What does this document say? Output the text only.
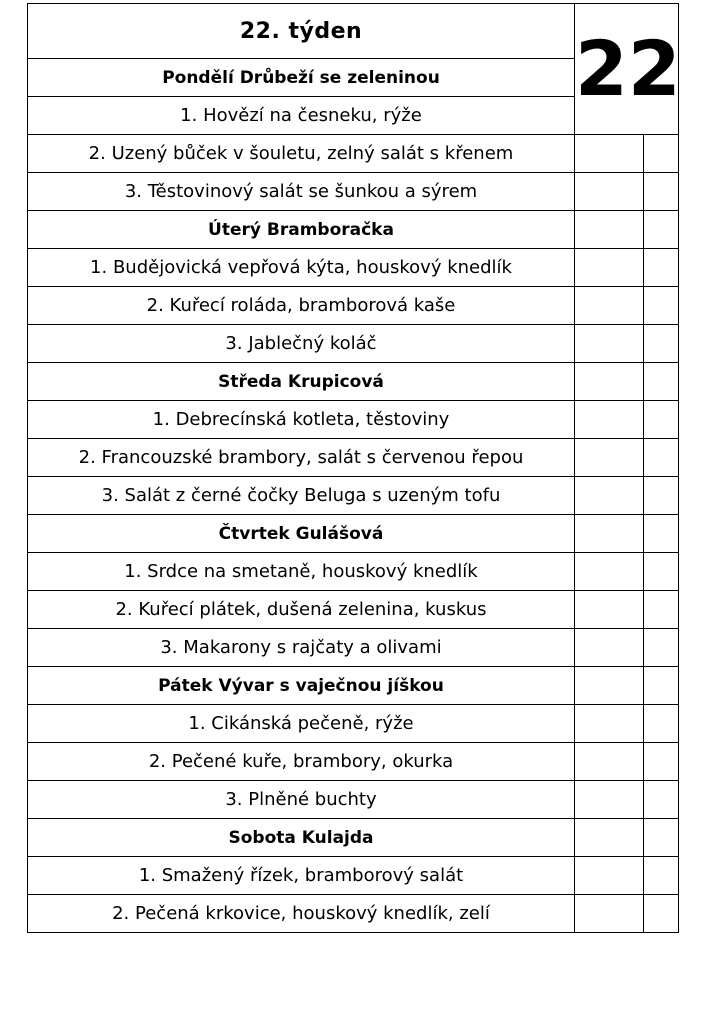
22. týden	22	
Pondělí Drůbeží se zeleninou		
1. Hovězí na česneku, rýže		
2. Uzený bůček v šouletu, zelný salát s křenem		
3. Těstovinový salát se šunkou a sýrem		
Úterý Bramboračka		
1. Budějovická vepřová kýta, houskový knedlík		
2. Kuřecí roláda, bramborová kaše		
3. Jablečný koláč		
Středa Krupicová		
1. Debrecínská kotleta, těstoviny		
2. Francouzské brambory, salát s červenou řepou		
3. Salát z černé čočky Beluga s uzeným tofu		
Čtvrtek Gulášová		
1. Srdce na smetaně, houskový knedlík		
2. Kuřecí plátek, dušená zelenina, kuskus		
3. Makarony s rajčaty a olivami		
Pátek Vývar s vaječnou jíškou		
1. Cikánská pečeně, rýže		
2. Pečené kuře, brambory, okurka		
3. Plněné buchty		
Sobota Kulajda		
1. Smažený řízek, bramborový salát		
2. Pečená krkovice, houskový knedlík, zelí		
